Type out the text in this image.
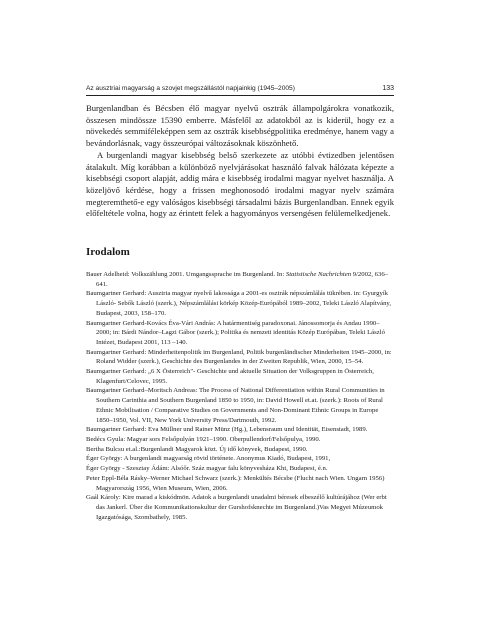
Az ausztriai magyarság a szovjet megszállástól napjainkig (1945–2005)	133

Burgenlandban és Bécsben élő magyar nyelvű osztrák állampolgárokra vonatkozik, összesen mindössze 15390 emberre. Másfelől az adatokból az is kiderül, hogy ez a növekedés semmiféleképpen sem az osztrák kisebbségpolitika eredménye, hanem vagy a bevándorlásnak, vagy összeurópai változásoknak köszönhető.

A burgenlandi magyar kisebbség belső szerkezete az utóbbi évtizedben jelentősen átalakult. Míg korábban a különböző nyelvjárásokat használó falvak hálózata képezte a kisebbségi csoport alapját, addig mára e kisebbség irodalmi magyar nyelvet használja. A közeljövő kérdése, hogy a frissen meghonosodó irodalmi magyar nyelv számára megteremthető-e egy valóságos kisebbségi társadalmi bázis Burgenlandban. Ennek egyik előfeltétele volna, hogy az érintett felek a hagyományos versengésen felülemelkedjenek.

Irodalom
Bauer Adelheid: Volkszählung 2001. Umgangssprache im Burgenland. In: Statistische Nachrichten 9/2002, 636–641.
Baumgartner Gerhard: Ausztria magyar nyelvű lakossága a 2001-es osztrák népszámlálás tükrében. in: Gyurgyík László- Sebők László (szerk.), Népszámlálási körkép Közép-Európából 1989–2002, Teleki László Alapítvány, Budapest, 2003, 158–170.
Baumgartner Gerhard-Kovács Éva-Vári András: A határmentiség paradoxonai. Jánossomorja és Andau 1990–2000; in: Bárdi Nándor–Lagzi Gábor (szerk.); Politika és nemzeti identitás Közép Európában, Teleki László Intézet, Budapest 2001, 113 –140.
Baumgartner Gerhard: Minderheitenpolitik im Burgenland, Politik burgenländischer Minderheiten 1945–2000, in: Roland Widder (szerk.), Geschichte des Burgenlandes in der Zweiten Republik, Wien, 2000, 15–54.
Baumgartner Gerhard: „6 X Österreich"- Geschichte und aktuelle Situation der Volksgruppen in Österreich, Klagenfurt/Celovec, 1995.
Baumgartner Gerhard–Moritsch Andreas: The Process of National Differentiation within Rural Communities in Southern Carinthia and Southern Burgenland 1850 to 1950, in: David Howell et.at. (szerk.): Roots of Rural Ethnic Mobilisation / Comparative Studies on Governments and Non-Dominant Ethnic Groups in Europe 1850–1950, Vol. VII, New York University Press/Dartmouth, 1992.
Baumgartner Gerhard: Eva Müllner und Rainer Münz (Hg.), Lebensraum und Identität, Eisenstadt, 1989.
Bedécs Gyula: Magyar sors Felsőpulyán 1921–1990. Oberpullendorf/Felsőpulya, 1990.
Bertha Bulcsu et.al.:Burgenlandi Magyarok közt. Új idő könyvek, Budapest, 1990.
Éger György: A burgenlandi magyarság rövid története. Anonymus Kiadó, Budapest, 1991,
Éger György - Szesztay Ádám: Alsóőr. Száz magyar falu könyvesháza Kht, Budapest, é.n.
Peter Eppl-Béla Rásky–Werner Michael Schwarz (szerk.): Menkültés Bécsbe (Flucht nach Wien. Ungarn 1956) Magyarország 1956, Wien Museum, Wien, 2006.
Gaál Károly: Kire marad a kiskódmön. Adatok a burgenlandi unadalmi béresek elbeszélő kultúrájához (Wer erbt das Jankerl. Über die Kommunikationskultur der Gurshofsknechte im Burgenland.)Vas Megyei Múzeumok Igazgatósága, Szombathely, 1985.
